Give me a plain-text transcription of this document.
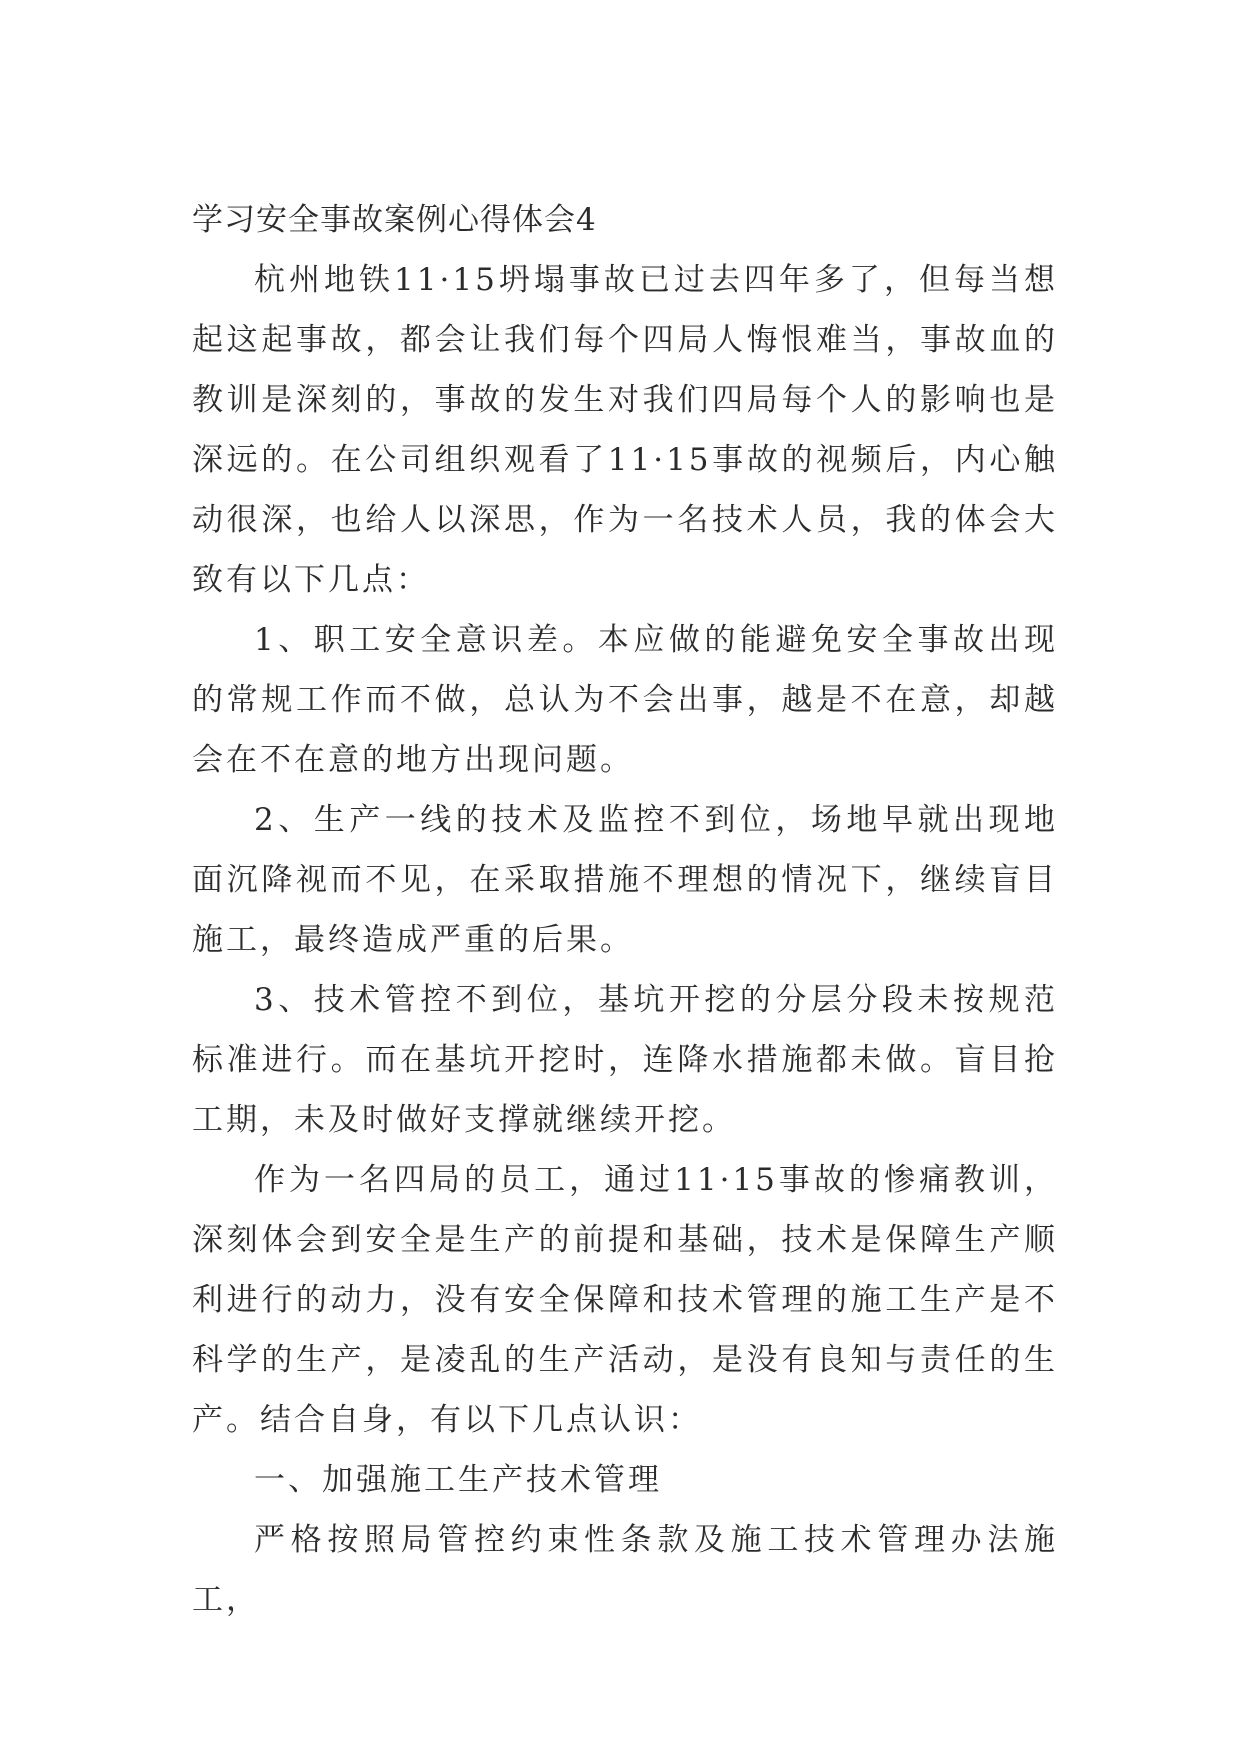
学习安全事故案例心得体会4

杭州地铁11·15坍塌事故已过去四年多了，但每当想起这起事故，都会让我们每个四局人悔恨难当，事故血的教训是深刻的，事故的发生对我们四局每个人的影响也是深远的。在公司组织观看了11·15事故的视频后，内心触动很深，也给人以深思，作为一名技术人员，我的体会大致有以下几点：

1、职工安全意识差。本应做的能避免安全事故出现的常规工作而不做，总认为不会出事，越是不在意，却越会在不在意的地方出现问题。

2、生产一线的技术及监控不到位，场地早就出现地面沉降视而不见，在采取措施不理想的情况下，继续盲目施工，最终造成严重的后果。

3、技术管控不到位，基坑开挖的分层分段未按规范标准进行。而在基坑开挖时，连降水措施都未做。盲目抢工期，未及时做好支撑就继续开挖。

作为一名四局的员工，通过11·15事故的惨痛教训，深刻体会到安全是生产的前提和基础，技术是保障生产顺利进行的动力，没有安全保障和技术管理的施工生产是不科学的生产，是凌乱的生产活动，是没有良知与责任的生产。结合自身，有以下几点认识：

一、加强施工生产技术管理

严格按照局管控约束性条款及施工技术管理办法施工，
